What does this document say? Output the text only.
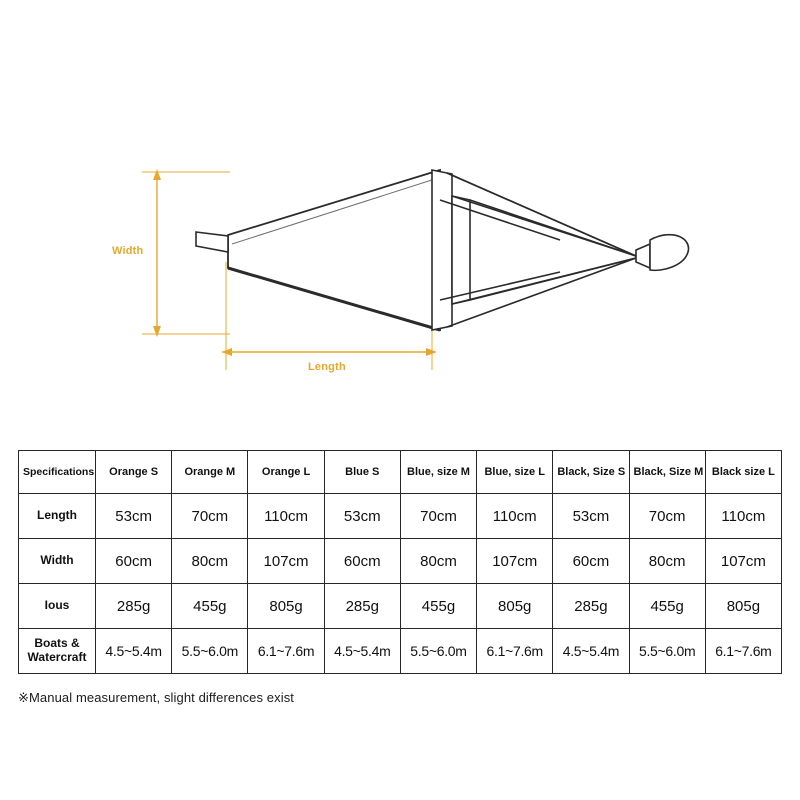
Width
Length
Specifications	Orange S	Orange M	Orange L	Blue S	Blue, size M	Blue, size L	Black, Size S	Black, Size M	Black size L
Length	53cm	70cm	110cm	53cm	70cm	110cm	53cm	70cm	110cm
Width	60cm	80cm	107cm	60cm	80cm	107cm	60cm	80cm	107cm
Ious	285g	455g	805g	285g	455g	805g	285g	455g	805g
Boats & Watercraft	4.5~5.4m	5.5~6.0m	6.1~7.6m	4.5~5.4m	5.5~6.0m	6.1~7.6m	4.5~5.4m	5.5~6.0m	6.1~7.6m
※Manual measurement, slight differences exist
